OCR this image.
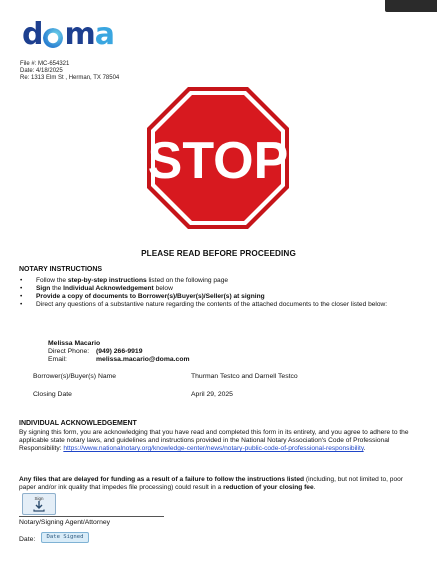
d m a
File #: MC-654321
Date: 4/18/2025
Re: 1313 Elm St , Herman, TX 78504
STOP
PLEASE READ BEFORE PROCEEDING
NOTARY INSTRUCTIONS
• Follow the step-by-step instructions listed on the following page
• Sign the Individual Acknowledgement below
• Provide a copy of documents to Borrower(s)/Buyer(s)/Seller(s) at signing
• Direct any questions of a substantive nature regarding the contents of the attached documents to the closer listed below:
Melissa Macario
Direct Phone:	(949) 266-9919
Email:	melissa.macario@doma.com
Borrower(s)/Buyer(s) Name	Thurman Testco and Darnell Testco
Closing Date	April 29, 2025
INDIVIDUAL ACKNOWLEDGEMENT
By signing this form, you are acknowledging that you have read and completed this form in its entirety, and you agree to adhere to the applicable state notary laws, and guidelines and instructions provided in the National Notary Association's Code of Professional Responsibility: https://www.nationalnotary.org/knowledge-center/news/notary-public-code-of-professional-responsibility.
Any files that are delayed for funding as a result of a failure to follow the instructions listed (including, but not limited to, poor paper and/or ink quality that impedes file processing) could result in a reduction of your closing fee.
Sign
Notary/Signing Agent/Attorney
Date:	Date Signed
